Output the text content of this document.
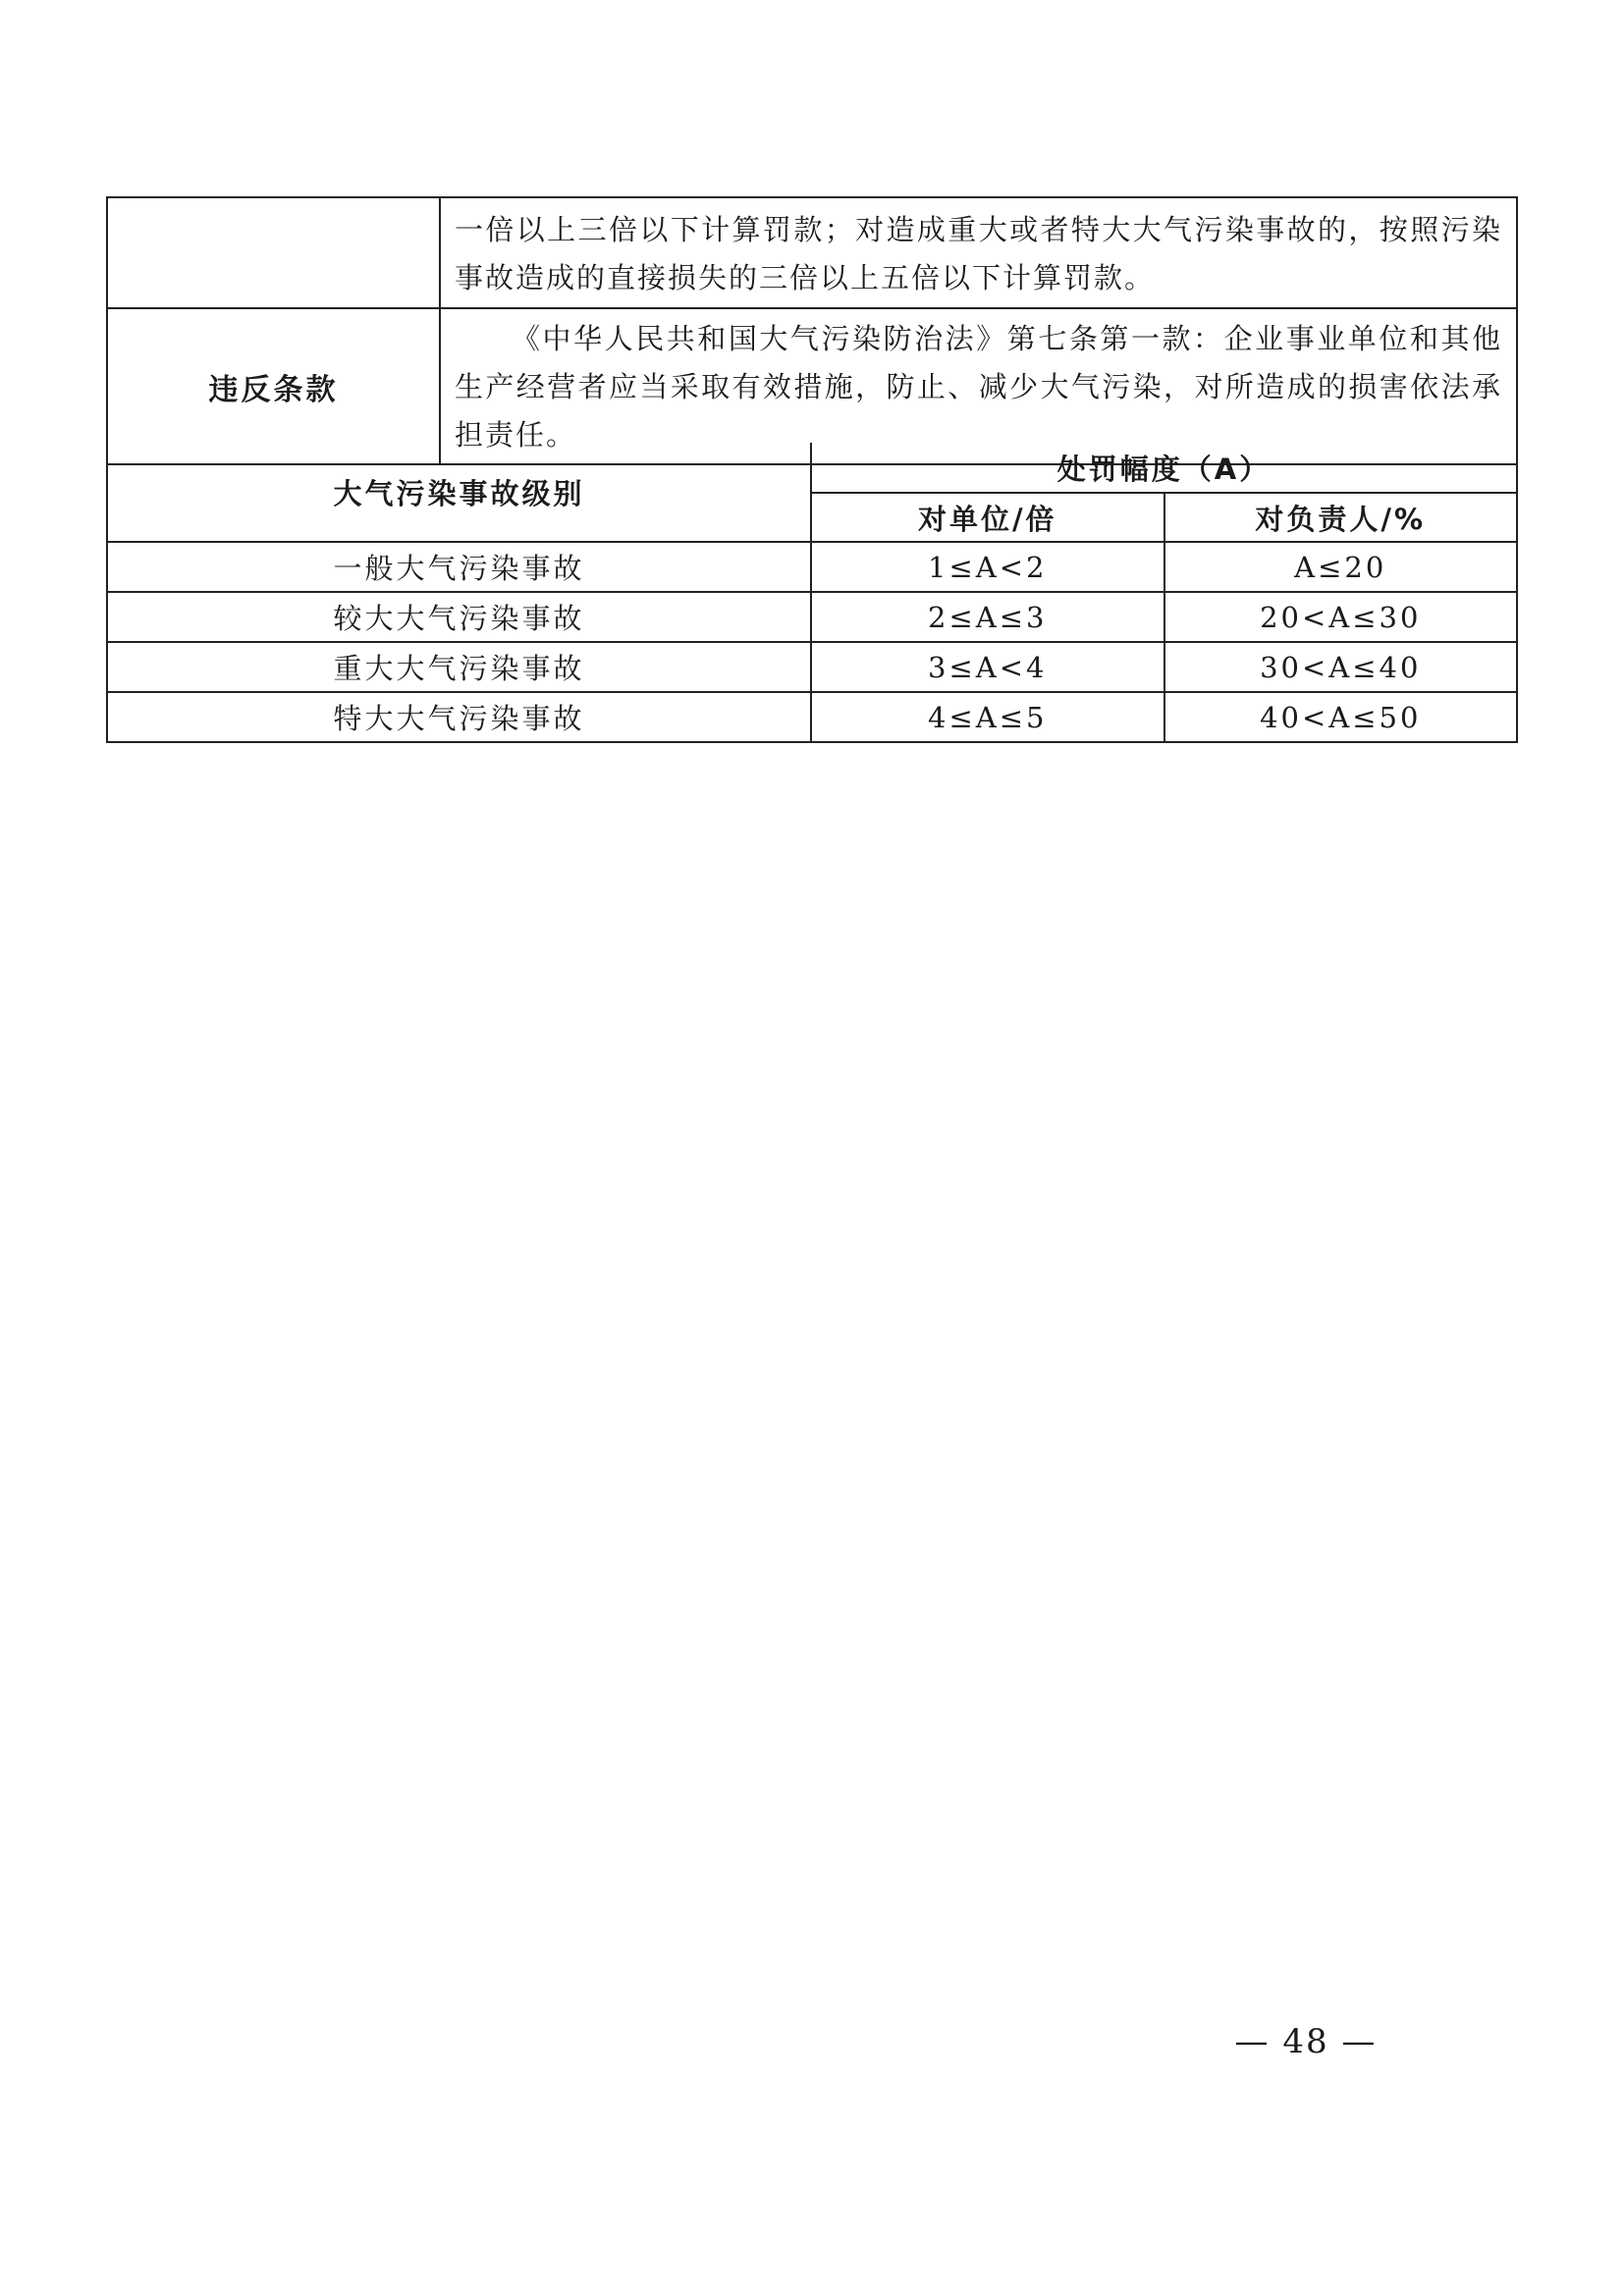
	一倍以上三倍以下计算罚款；对造成重大或者特大大气污染事故的，按照污染事故造成的直接损失的三倍以上五倍以下计算罚款。
违反条款	《中华人民共和国大气污染防治法》第七条第一款：企业事业单位和其他生产经营者应当采取有效措施，防止、减少大气污染，对所造成的损害依法承担责任。
大气污染事故级别	处罚幅度（A）	
	对单位/倍	对负责人/%
一般大气污染事故	1≤A<2	A≤20
较大大气污染事故	2≤A≤3	20<A≤30
重大大气污染事故	3≤A<4	30<A≤40
特大大气污染事故	4≤A≤5	40<A≤50
— 48 —
